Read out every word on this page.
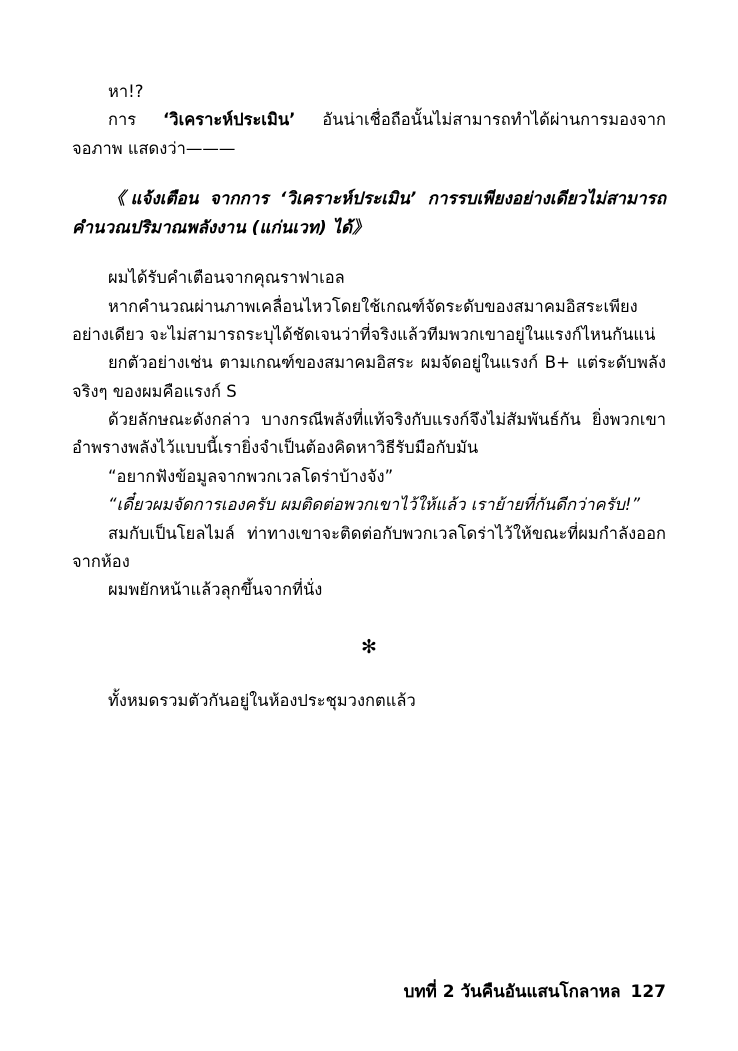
หา!?

การ ‘วิเคราะห์ประเมิน’ อันน่าเชื่อถือนั้นไม่สามารถทำได้ผ่านการมองจากจอภาพ แสดงว่า———

《แจ้งเตือน จากการ ‘วิเคราะห์ประเมิน’ การรบเพียงอย่างเดียวไม่สามารถคำนวณปริมาณพลังงาน (แก่นเวท) ได้》

ผมได้รับคำเตือนจากคุณราฟาเอล

หากคำนวณผ่านภาพเคลื่อนไหวโดยใช้เกณฑ์จัดระดับของสมาคมอิสระเพียงอย่างเดียว จะไม่สามารถระบุได้ชัดเจนว่าที่จริงแล้วทีมพวกเขาอยู่ในแรงก์ไหนกันแน่

ยกตัวอย่างเช่น ตามเกณฑ์ของสมาคมอิสระ ผมจัดอยู่ในแรงก์ B+ แต่ระดับพลังจริงๆ ของผมคือแรงก์ S

ด้วยลักษณะดังกล่าว บางกรณีพลังที่แท้จริงกับแรงก์จึงไม่สัมพันธ์กัน ยิ่งพวกเขาอำพรางพลังไว้แบบนี้เรายิ่งจำเป็นต้องคิดหาวิธีรับมือกับมัน

“อยากฟังข้อมูลจากพวกเวลโดร่าบ้างจัง”

“เดี๋ยวผมจัดการเองครับ ผมติดต่อพวกเขาไว้ให้แล้ว เราย้ายที่กันดีกว่าครับ!”

สมกับเป็นโยลไมล์ ท่าทางเขาจะติดต่อกับพวกเวลโดร่าไว้ให้ขณะที่ผมกำลังออกจากห้อง

ผมพยักหน้าแล้วลุกขึ้นจากที่นั่ง

✻

ทั้งหมดรวมตัวกันอยู่ในห้องประชุมวงกตแล้ว

บทที่ 2 วันคืนอันแสนโกลาหล 127
